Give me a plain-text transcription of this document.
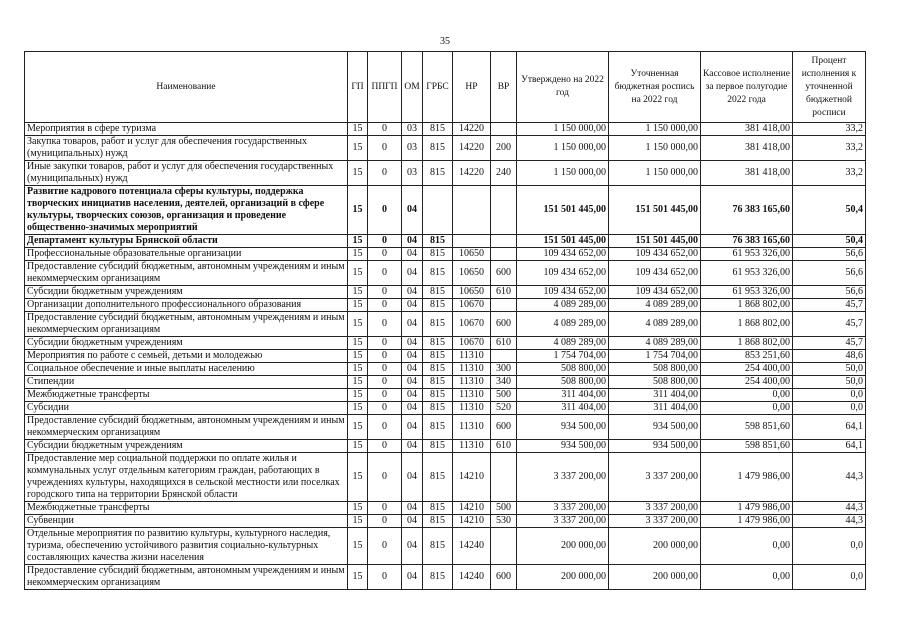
35
Наименование	ГП	ППГП	ОМ	ГРБС	НР	ВР	Утверждено на 2022 год	Уточненная бюджетная роспись на 2022 год	Кассовое исполнение за первое полугодие 2022 года	Процент исполнения к уточненной бюджетной росписи
Мероприятия в сфере туризма	15	0	03	815	14220		1 150 000,00	1 150 000,00	381 418,00	33,2
Закупка товаров, работ и услуг для обеспечения государственных (муниципальных) нужд	15	0	03	815	14220	200	1 150 000,00	1 150 000,00	381 418,00	33,2
Иные закупки товаров, работ и услуг для обеспечения государственных (муниципальных) нужд	15	0	03	815	14220	240	1 150 000,00	1 150 000,00	381 418,00	33,2
Развитие кадрового потенциала сферы культуры, поддержка творческих инициатив населения, деятелей, организаций в сфере культуры, творческих союзов, организация и проведение общественно-значимых мероприятий	15	0	04				151 501 445,00	151 501 445,00	76 383 165,60	50,4
Департамент культуры Брянской области	15	0	04	815			151 501 445,00	151 501 445,00	76 383 165,60	50,4
Профессиональные образовательные организации	15	0	04	815	10650		109 434 652,00	109 434 652,00	61 953 326,00	56,6
Предоставление субсидий бюджетным, автономным учреждениям и иным некоммерческим организациям	15	0	04	815	10650	600	109 434 652,00	109 434 652,00	61 953 326,00	56,6
Субсидии бюджетным учреждениям	15	0	04	815	10650	610	109 434 652,00	109 434 652,00	61 953 326,00	56,6
Организации дополнительного профессионального образования	15	0	04	815	10670		4 089 289,00	4 089 289,00	1 868 802,00	45,7
Предоставление субсидий бюджетным, автономным учреждениям и иным некоммерческим организациям	15	0	04	815	10670	600	4 089 289,00	4 089 289,00	1 868 802,00	45,7
Субсидии бюджетным учреждениям	15	0	04	815	10670	610	4 089 289,00	4 089 289,00	1 868 802,00	45,7
Мероприятия по работе с семьей, детьми и молодежью	15	0	04	815	11310		1 754 704,00	1 754 704,00	853 251,60	48,6
Социальное обеспечение и иные выплаты населению	15	0	04	815	11310	300	508 800,00	508 800,00	254 400,00	50,0
Стипендии	15	0	04	815	11310	340	508 800,00	508 800,00	254 400,00	50,0
Межбюджетные трансферты	15	0	04	815	11310	500	311 404,00	311 404,00	0,00	0,0
Субсидии	15	0	04	815	11310	520	311 404,00	311 404,00	0,00	0,0
Предоставление субсидий бюджетным, автономным учреждениям и иным некоммерческим организациям	15	0	04	815	11310	600	934 500,00	934 500,00	598 851,60	64,1
Субсидии бюджетным учреждениям	15	0	04	815	11310	610	934 500,00	934 500,00	598 851,60	64,1
Предоставление мер социальной поддержки по оплате жилья и коммунальных услуг отдельным категориям граждан, работающих в учреждениях культуры, находящихся в сельской местности или поселках городского типа на территории Брянской области	15	0	04	815	14210		3 337 200,00	3 337 200,00	1 479 986,00	44,3
Межбюджетные трансферты	15	0	04	815	14210	500	3 337 200,00	3 337 200,00	1 479 986,00	44,3
Субвенции	15	0	04	815	14210	530	3 337 200,00	3 337 200,00	1 479 986,00	44,3
Отдельные мероприятия по развитию культуры, культурного наследия, туризма, обеспечению устойчивого развития социально-культурных составляющих качества жизни населения	15	0	04	815	14240		200 000,00	200 000,00	0,00	0,0
Предоставление субсидий бюджетным, автономным учреждениям и иным некоммерческим организациям	15	0	04	815	14240	600	200 000,00	200 000,00	0,00	0,0
